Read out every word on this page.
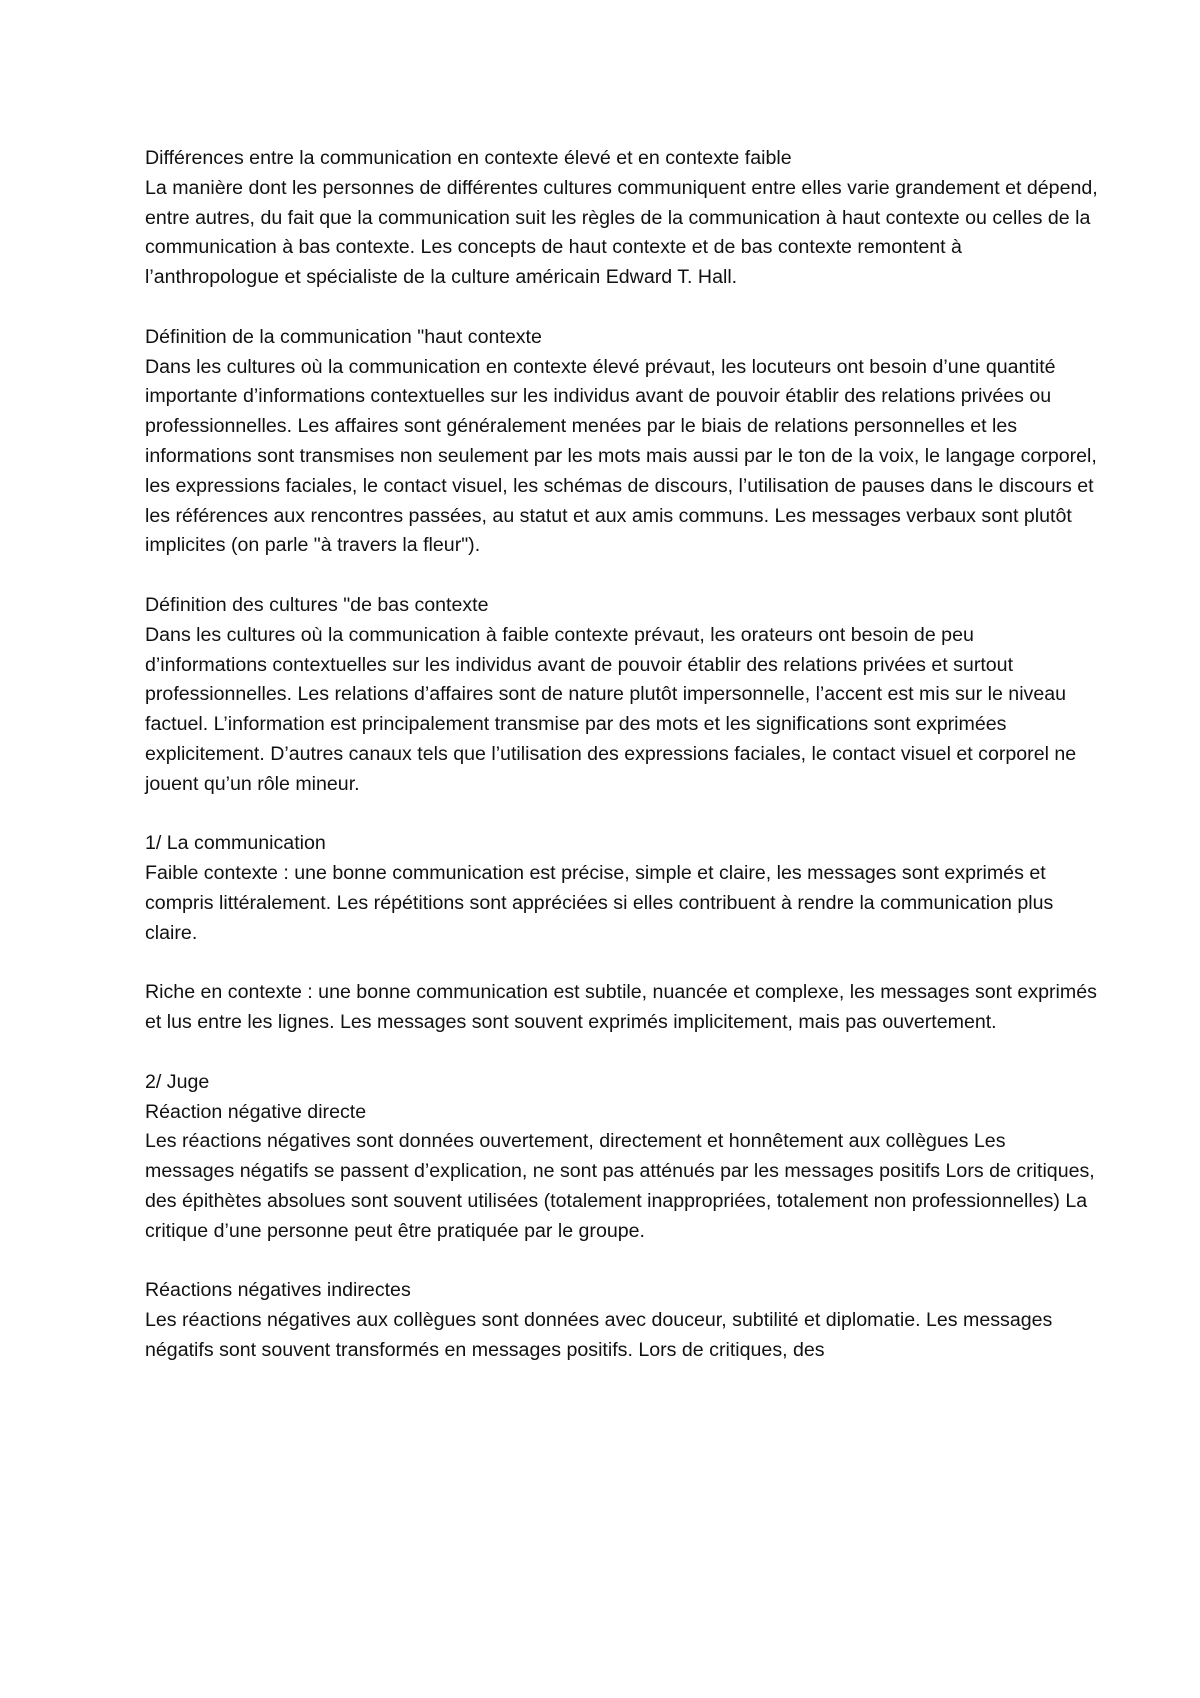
Différences entre la communication en contexte élevé et en contexte faible

La manière dont les personnes de différentes cultures communiquent entre elles varie grandement et dépend, entre autres, du fait que la communication suit les règles de la communication à haut contexte ou celles de la communication à bas contexte. Les concepts de haut contexte et de bas contexte remontent à l’anthropologue et spécialiste de la culture américain Edward T. Hall.

Définition de la communication "haut contexte

Dans les cultures où la communication en contexte élevé prévaut, les locuteurs ont besoin d’une quantité importante d’informations contextuelles sur les individus avant de pouvoir établir des relations privées ou professionnelles. Les affaires sont généralement menées par le biais de relations personnelles et les informations sont transmises non seulement par les mots mais aussi par le ton de la voix, le langage corporel, les expressions faciales, le contact visuel, les schémas de discours, l’utilisation de pauses dans le discours et les références aux rencontres passées, au statut et aux amis communs. Les messages verbaux sont plutôt implicites (on parle "à travers la fleur").

Définition des cultures "de bas contexte

Dans les cultures où la communication à faible contexte prévaut, les orateurs ont besoin de peu d’informations contextuelles sur les individus avant de pouvoir établir des relations privées et surtout professionnelles. Les relations d’affaires sont de nature plutôt impersonnelle, l’accent est mis sur le niveau factuel. L’information est principalement transmise par des mots et les significations sont exprimées explicitement. D’autres canaux tels que l’utilisation des expressions faciales, le contact visuel et corporel ne jouent qu’un rôle mineur.

1/ La communication

Faible contexte : une bonne communication est précise, simple et claire, les messages sont exprimés et compris littéralement. Les répétitions sont appréciées si elles contribuent à rendre la communication plus claire.

Riche en contexte : une bonne communication est subtile, nuancée et complexe, les messages sont exprimés et lus entre les lignes. Les messages sont souvent exprimés implicitement, mais pas ouvertement.

2/ Juge

Réaction négative directe

Les réactions négatives sont données ouvertement, directement et honnêtement aux collègues Les messages négatifs se passent d’explication, ne sont pas atténués par les messages positifs Lors de critiques, des épithètes absolues sont souvent utilisées (totalement inappropriées, totalement non professionnelles) La critique d’une personne peut être pratiquée par le groupe.

Réactions négatives indirectes

Les réactions négatives aux collègues sont données avec douceur, subtilité et diplomatie. Les messages négatifs sont souvent transformés en messages positifs. Lors de critiques, des
